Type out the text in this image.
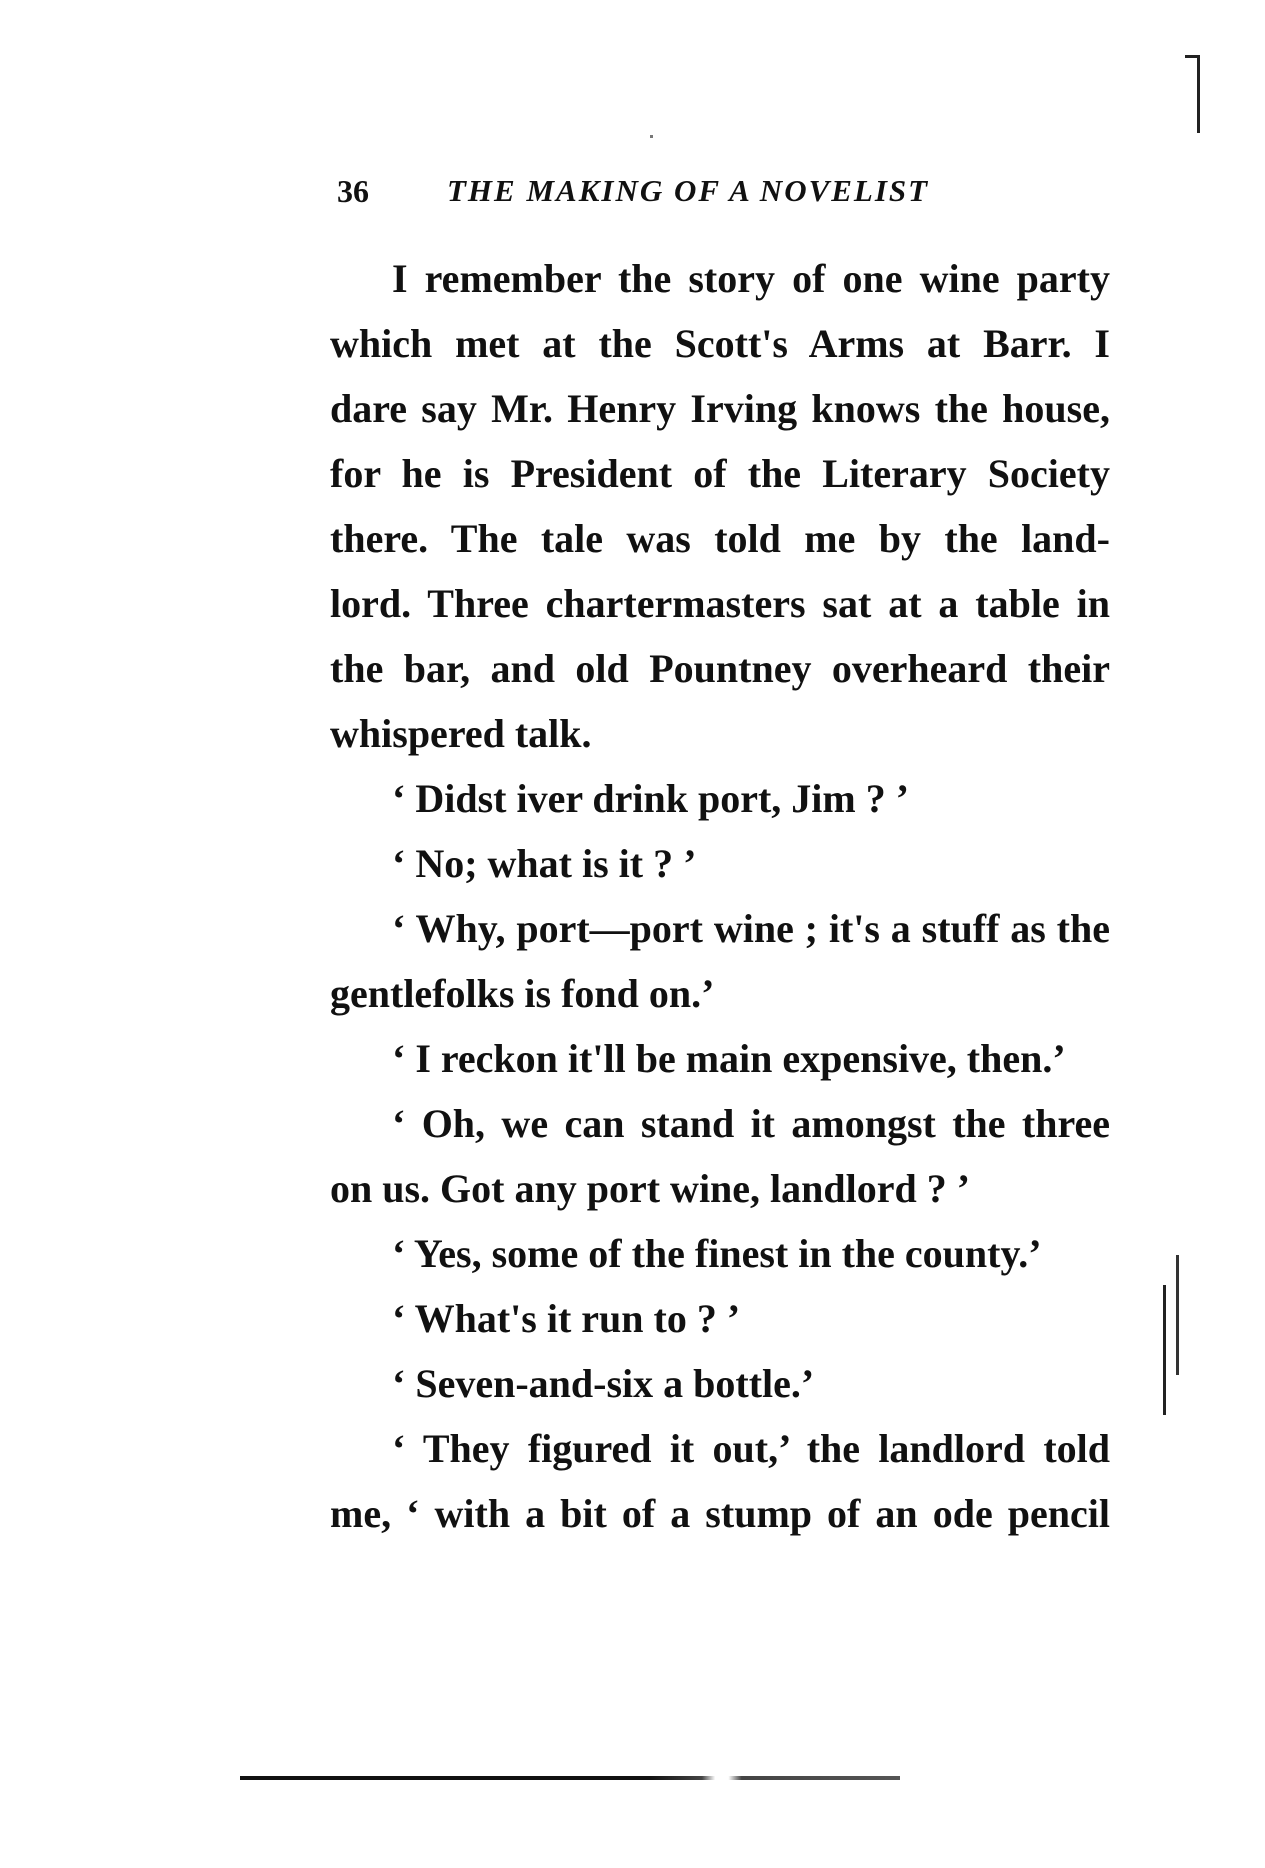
36	THE MAKING OF A NOVELIST
I remember the story of one wine party
which met at the Scott's Arms at Barr. I
dare say Mr. Henry Irving knows the house,
for he is President of the Literary Society
there. The tale was told me by the land-
lord. Three chartermasters sat at a table in
the bar, and old Pountney overheard their
whispered talk.
‘ Didst iver drink port, Jim ? ’
‘ No; what is it ? ’
‘ Why, port—port wine ; it's a stuff as the
gentlefolks is fond on.’
‘ I reckon it'll be main expensive, then.’
‘ Oh, we can stand it amongst the three
on us. Got any port wine, landlord ? ’
‘ Yes, some of the finest in the county.’
‘ What's it run to ? ’
‘ Seven-and-six a bottle.’
‘ They figured it out,’ the landlord told
me, ‘ with a bit of a stump of an ode pencil
